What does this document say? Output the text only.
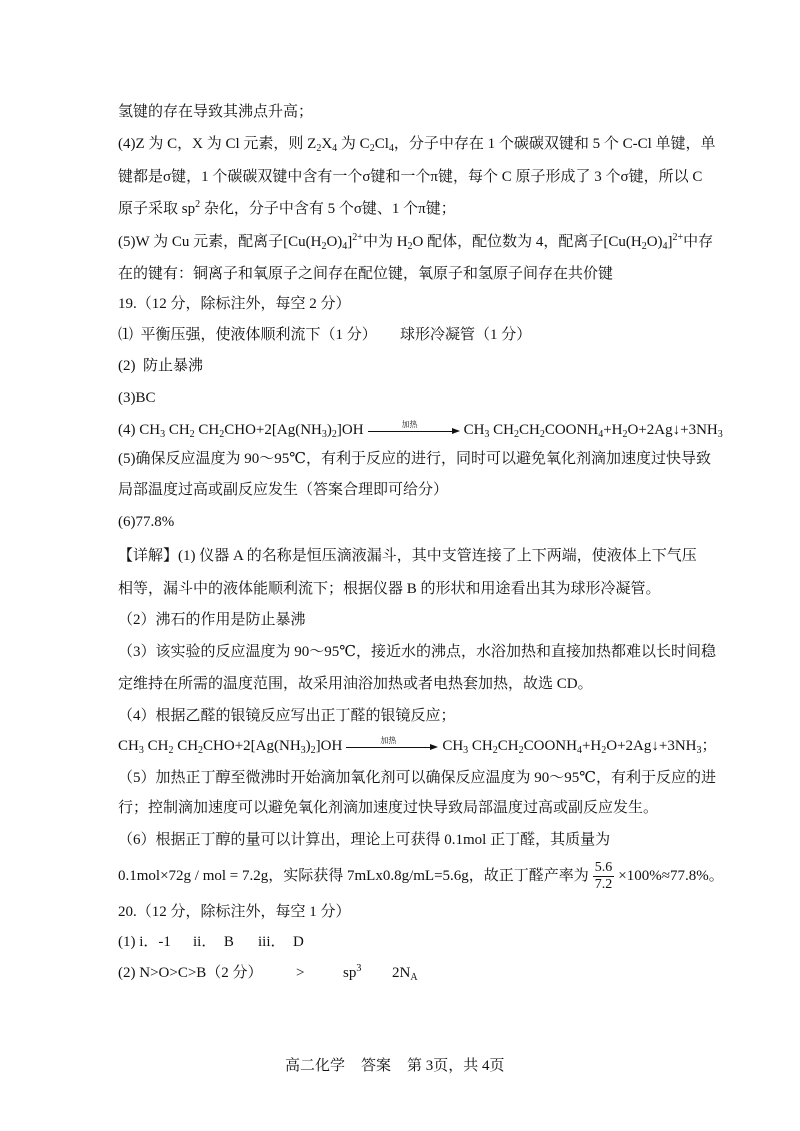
氢键的存在导致其沸点升高；
(4)Z 为 C，X 为 Cl 元素，则 $Z_2X_4$ 为 $C_2Cl_4$，分子中存在 1 个碳碳双键和 5 个 C-Cl 单键，单
键都是σ键，1 个碳碳双键中含有一个σ键和一个π键，每个 C 原子形成了 3 个σ键，所以 C
原子采取 $sp^2$ 杂化，分子中含有 5 个σ键、1 个π键；
(5)W 为 Cu 元素，配离子$[Cu(H_2O)_4]^{2+}$中为 $H_2O$ 配体，配位数为 4，配离子$[Cu(H_2O)_4]^{2+}$中存
在的键有：铜离子和氧原子之间存在配位键，氧原子和氢原子间存在共价键
19.（12 分，除标注外，每空 2 分）
⑴  平衡压强，使液体顺利流下（1 分） 球形冷凝管（1 分）
(2)  防止暴沸
(3)BC
(4) $CH_3$ $CH_2$ $CH_2CHO+2[Ag(NH_3)_2]OH$	加热	$CH_3$ $CH_2CH_2COONH_4+H_2O+2Ag↓+3NH_3$
(5)确保反应温度为 90～95℃，有利于反应的进行，同时可以避免氧化剂滴加速度过快导致
局部温度过高或副反应发生（答案合理即可给分）
(6)77.8%
【详解】(1) 仪器 A 的名称是恒压滴液漏斗，其中支管连接了上下两端，使液体上下气压
相等，漏斗中的液体能顺利流下；根据仪器 B 的形状和用途看出其为球形冷凝管。
（2）沸石的作用是防止暴沸
（3）该实验的反应温度为 90～95℃，接近水的沸点，水浴加热和直接加热都难以长时间稳
定维持在所需的温度范围，故采用油浴加热或者电热套加热，故选 CD。
（4）根据乙醛的银镜反应写出正丁醛的银镜反应；
$CH_3$ $CH_2$ $CH_2CHO+2[Ag(NH_3)_2]OH$	加热	$CH_3$ $CH_2CH_2COONH_4+H_2O+2Ag↓+3NH_3$；
（5）加热正丁醇至微沸时开始滴加氧化剂可以确保反应温度为 90～95℃，有利于反应的进
行；控制滴加速度可以避免氧化剂滴加速度过快导致局部温度过高或副反应发生。
（6）根据正丁醇的量可以计算出，理论上可获得 0.1mol 正丁醛，其质量为
0.1mol×72g / mol = 7.2g，实际获得 7mLx0.8g/mL=5.6g，故正丁醛产率为 $\frac{5.6}{7.2} \times 100\%\approx 77.8\%$。
20.（12 分，除标注外，每空 1 分）
(1) i．-1 ii．  B iii．  D
(2) N>O>C>B（2 分） >	$sp^3$ $2N_A$
高二化学 答案 第 3页，共 4页
